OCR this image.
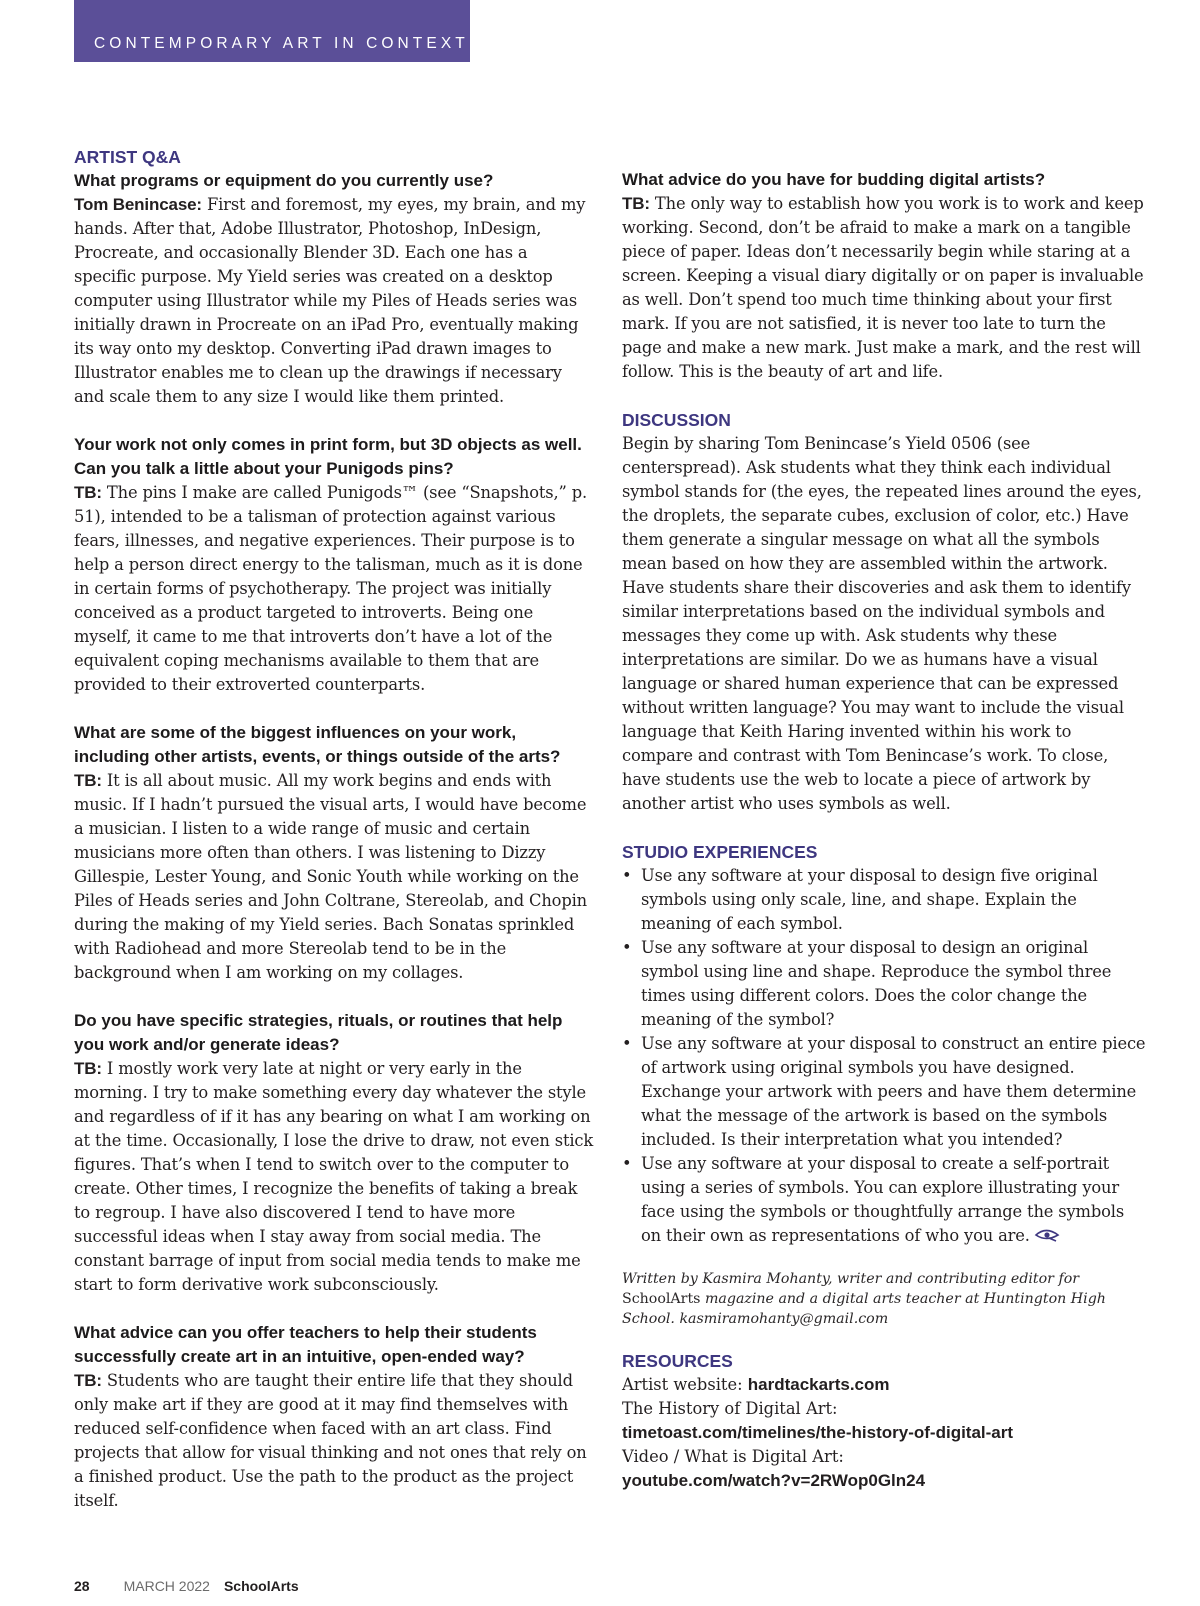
CONTEMPORARY ART IN CONTEXT

ARTIST Q&A

What programs or equipment do you currently use?

Tom Benincase: First and foremost, my eyes, my brain, and my hands. After that, Adobe Illustrator, Photoshop, InDesign, Procreate, and occasionally Blender 3D. Each one has a specific purpose. My Yield series was created on a desktop computer using Illustrator while my Piles of Heads series was initially drawn in Procreate on an iPad Pro, eventually making its way onto my desktop. Converting iPad drawn images to Illustrator enables me to clean up the drawings if necessary and scale them to any size I would like them printed.

Your work not only comes in print form, but 3D objects as well. Can you talk a little about your Punigods pins?

TB: The pins I make are called Punigods™ (see “Snapshots,” p. 51), intended to be a talisman of protection against various fears, illnesses, and negative experiences. Their purpose is to help a person direct energy to the talisman, much as it is done in certain forms of psychotherapy. The project was initially conceived as a product targeted to introverts. Being one myself, it came to me that introverts don’t have a lot of the equivalent coping mechanisms available to them that are provided to their extroverted counterparts.

What are some of the biggest influences on your work, including other artists, events, or things outside of the arts?

TB: It is all about music. All my work begins and ends with music. If I hadn’t pursued the visual arts, I would have become a musician. I listen to a wide range of music and certain musicians more often than others. I was listening to Dizzy Gillespie, Lester Young, and Sonic Youth while working on the Piles of Heads series and John Coltrane, Stereolab, and Chopin during the making of my Yield series. Bach Sonatas sprinkled with Radiohead and more Stereolab tend to be in the background when I am working on my collages.

Do you have specific strategies, rituals, or routines that help you work and/or generate ideas?

TB: I mostly work very late at night or very early in the morning. I try to make something every day whatever the style and regardless of if it has any bearing on what I am working on at the time. Occasionally, I lose the drive to draw, not even stick figures. That’s when I tend to switch over to the computer to create. Other times, I recognize the benefits of taking a break to regroup. I have also discovered I tend to have more successful ideas when I stay away from social media. The constant barrage of input from social media tends to make me start to form derivative work subconsciously.

What advice can you offer teachers to help their students successfully create art in an intuitive, open-ended way?

TB: Students who are taught their entire life that they should only make art if they are good at it may find themselves with reduced self-confidence when faced with an art class. Find projects that allow for visual thinking and not ones that rely on a finished product. Use the path to the product as the project itself.

What advice do you have for budding digital artists?

TB: The only way to establish how you work is to work and keep working. Second, don’t be afraid to make a mark on a tangible piece of paper. Ideas don’t necessarily begin while staring at a screen. Keeping a visual diary digitally or on paper is invaluable as well. Don’t spend too much time thinking about your first mark. If you are not satisfied, it is never too late to turn the page and make a new mark. Just make a mark, and the rest will follow. This is the beauty of art and life.

DISCUSSION

Begin by sharing Tom Benincase’s Yield 0506 (see centerspread). Ask students what they think each individual symbol stands for (the eyes, the repeated lines around the eyes, the droplets, the separate cubes, exclusion of color, etc.) Have them generate a singular message on what all the symbols mean based on how they are assembled within the artwork. Have students share their discoveries and ask them to identify similar interpretations based on the individual symbols and messages they come up with. Ask students why these interpretations are similar. Do we as humans have a visual language or shared human experience that can be expressed without written language? You may want to include the visual language that Keith Haring invented within his work to compare and contrast with Tom Benincase’s work. To close, have students use the web to locate a piece of artwork by another artist who uses symbols as well.

STUDIO EXPERIENCES

• Use any software at your disposal to design five original symbols using only scale, line, and shape. Explain the meaning of each symbol.
• Use any software at your disposal to design an original symbol using line and shape. Reproduce the symbol three times using different colors. Does the color change the meaning of the symbol?
• Use any software at your disposal to construct an entire piece of artwork using original symbols you have designed. Exchange your artwork with peers and have them determine what the message of the artwork is based on the symbols included. Is their interpretation what you intended?
• Use any software at your disposal to create a self-portrait using a series of symbols. You can explore illustrating your face using the symbols or thoughtfully arrange the symbols on their own as representations of who you are.

Written by Kasmira Mohanty, writer and contributing editor for SchoolArts magazine and a digital arts teacher at Huntington High School. kasmiramohanty@gmail.com

RESOURCES

Artist website: hardtackarts.com

The History of Digital Art:

timetoast.com/timelines/the-history-of-digital-art

Video / What is Digital Art:

youtube.com/watch?v=2RWop0Gln24

28 MARCH 2022 SchoolArts
